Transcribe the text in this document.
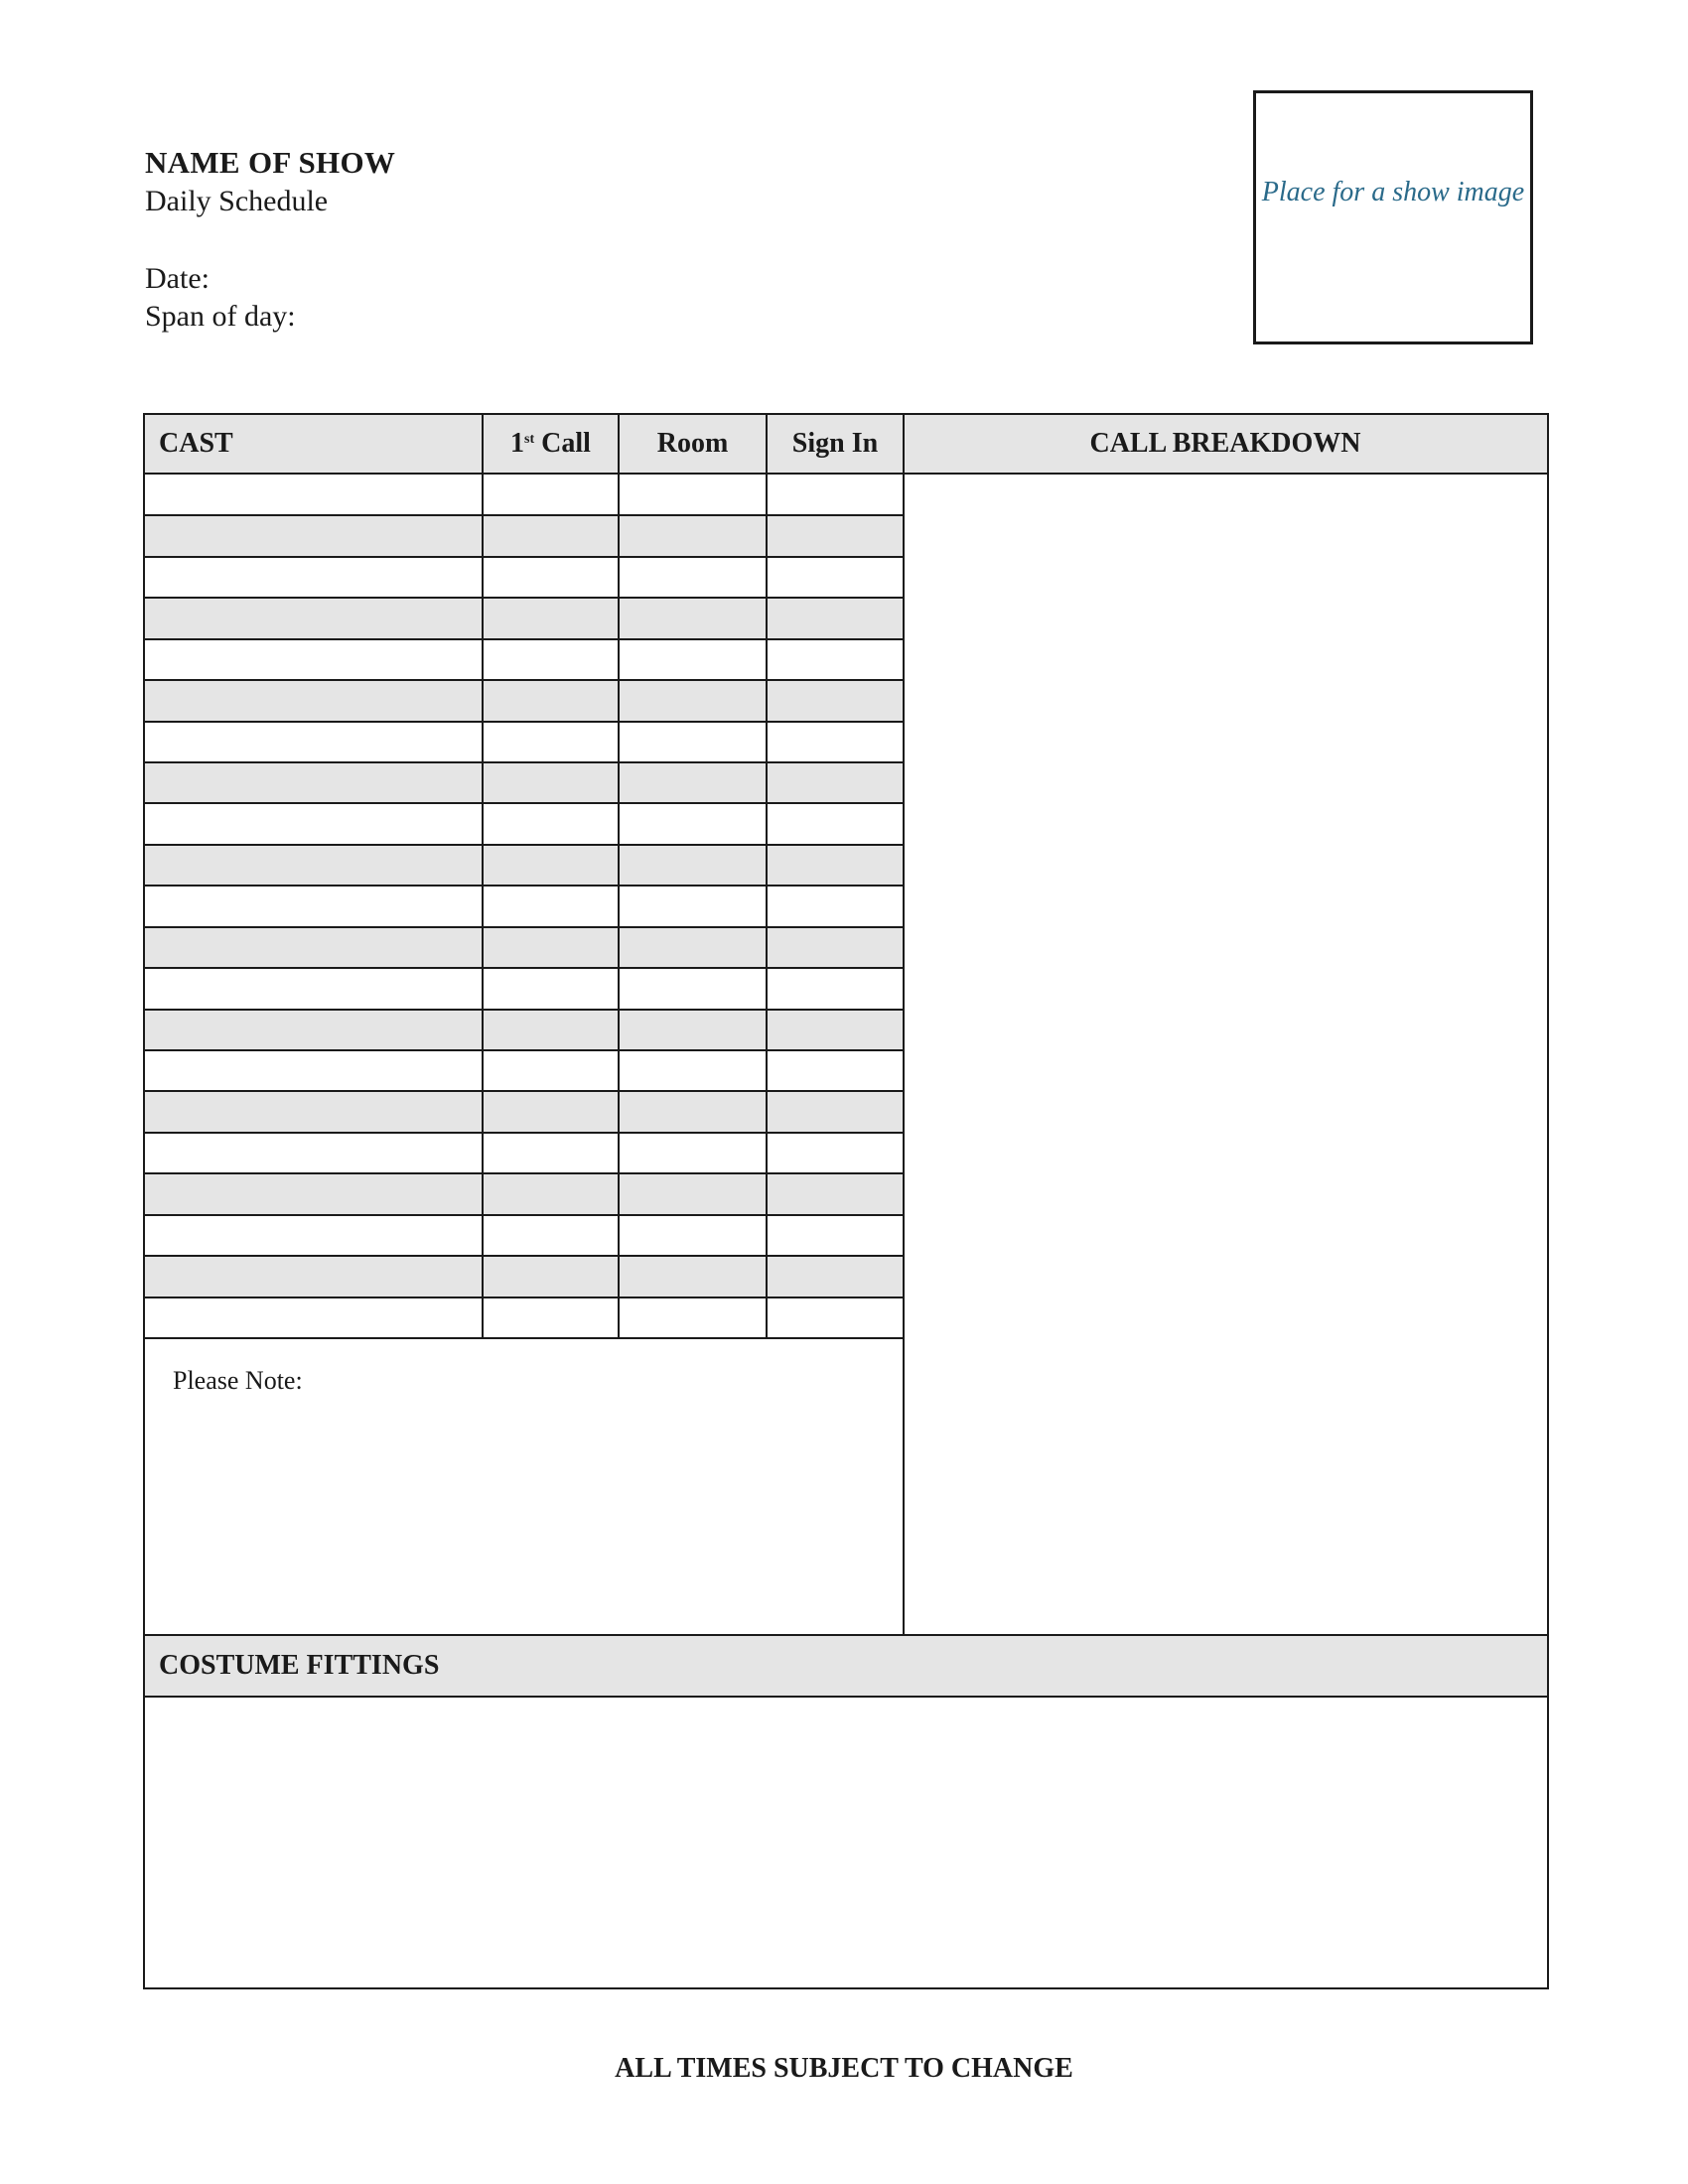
NAME OF SHOW
Daily Schedule
Date:
Span of day:
Place for a show image
CAST	1st
Call Room Sign In	CALL BREAKDOWN
Please Note:
COSTUME FITTINGS
ALL TIMES SUBJECT TO CHANGE
